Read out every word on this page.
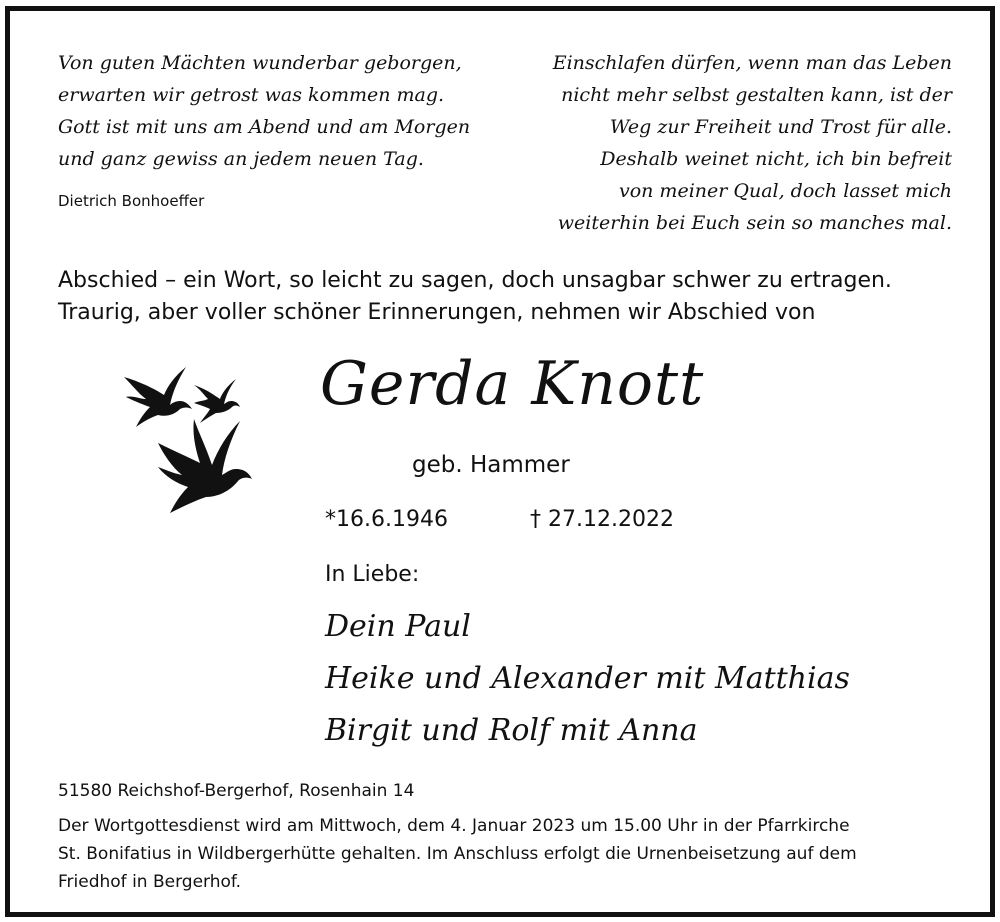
Von guten Mächten wunderbar geborgen,
erwarten wir getrost was kommen mag.
Gott ist mit uns am Abend und am Morgen
und ganz gewiss an jedem neuen Tag.
Dietrich Bonhoeffer
Einschlafen dürfen, wenn man das Leben
nicht mehr selbst gestalten kann, ist der
Weg zur Freiheit und Trost für alle.
Deshalb weinet nicht, ich bin befreit
von meiner Qual, doch lasset mich
weiterhin bei Euch sein so manches mal.
Abschied – ein Wort, so leicht zu sagen, doch unsagbar schwer zu ertragen.
Traurig, aber voller schöner Erinnerungen, nehmen wir Abschied von
Gerda Knott
geb. Hammer
*16.6.1946	† 27.12.2022
In Liebe:
Dein Paul
Heike und Alexander mit Matthias
Birgit und Rolf mit Anna
51580 Reichshof-Bergerhof, Rosenhain 14
Der Wortgottesdienst wird am Mittwoch, dem 4. Januar 2023 um 15.00 Uhr in der Pfarrkirche
St. Bonifatius in Wildbergerhütte gehalten. Im Anschluss erfolgt die Urnenbeisetzung auf dem
Friedhof in Bergerhof.
